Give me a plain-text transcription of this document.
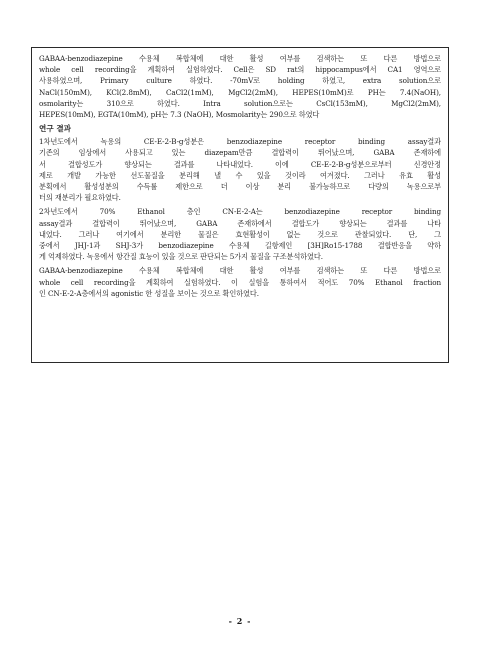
GABAA-benzodiazepine 수용체 복합체에 대한 활성 여부를 검색하는 또 다른 방법으로

whole cell recording을 계획하여 실험하였다. Cell은 SD rat의 hippocampus에서 CA1 영역으로

사용하였으며, Primary culture 하였다. -70mV로 holding 하였고, extra solution으로

NaCl(150mM), KCl(2.8mM), CaCl2(1mM), MgCl2(2mM), HEPES(10mM)로 PH는 7.4(NaOH),

osmolarity는 310으로 하였다. Intra solution으로는 CsCl(153mM), MgCl2(2mM),

HEPES(10mM), EGTA(10mM), pH는 7.3 (NaOH), Mosmolarity는 290으로 하였다

연구 결과

1차년도에서 녹용의 CE-E-2-B-g성분은 benzodiazepine receptor binding assay결과

기존의 임상에서 사용되고 있는 diazepam만큼 결합력이 뛰어났으며, GABA 존재하에

서 결합성도가 향상되는 결과를 나타내었다. 이에 CE-E-2-B-g성분으로부터 신경안정

제로 개발 가능한 선도물질을 분리해 낼 수 있을 것이라 여겨졌다. 그러나 유효 활성

분획에서 활성성분의 수득률 제한으로 더 이상 분리 불가능하므로 다량의 녹용으로부

터의 재분리가 필요하였다.

2차년도에서 70% Ethanol 층인 CN-E-2-A는 benzodiazepine receptor binding

assay결과 결합력이 뛰어났으며, GABA 존재하에서 결합도가 향상되는 결과를 나타

내었다. 그러나 여기에서 분리한 물질은 효현활성이 없는 것으로 관찰되었다. 단, 그

중에서 JHJ-1과 SHJ-3가 benzodiazepine 수용체 길항제인 [3H]Ro15-1788 결합반응을 약하

게 억제하였다. 녹용에서 항간질 효능이 있을 것으로 판단되는 5가지 물질을 구조분석하였다.

GABAA-benzodiazepine 수용체 복합체에 대한 활성 여부를 검색하는 또 다른 방법으로

whole cell recording을 계획하여 실험하였다. 이 실험을 통하여서 적어도 70% Ethanol fraction

인 CN-E-2-A층에서의 agonistic 한 성질을 보이는 것으로 확인하였다.

- 2 -
